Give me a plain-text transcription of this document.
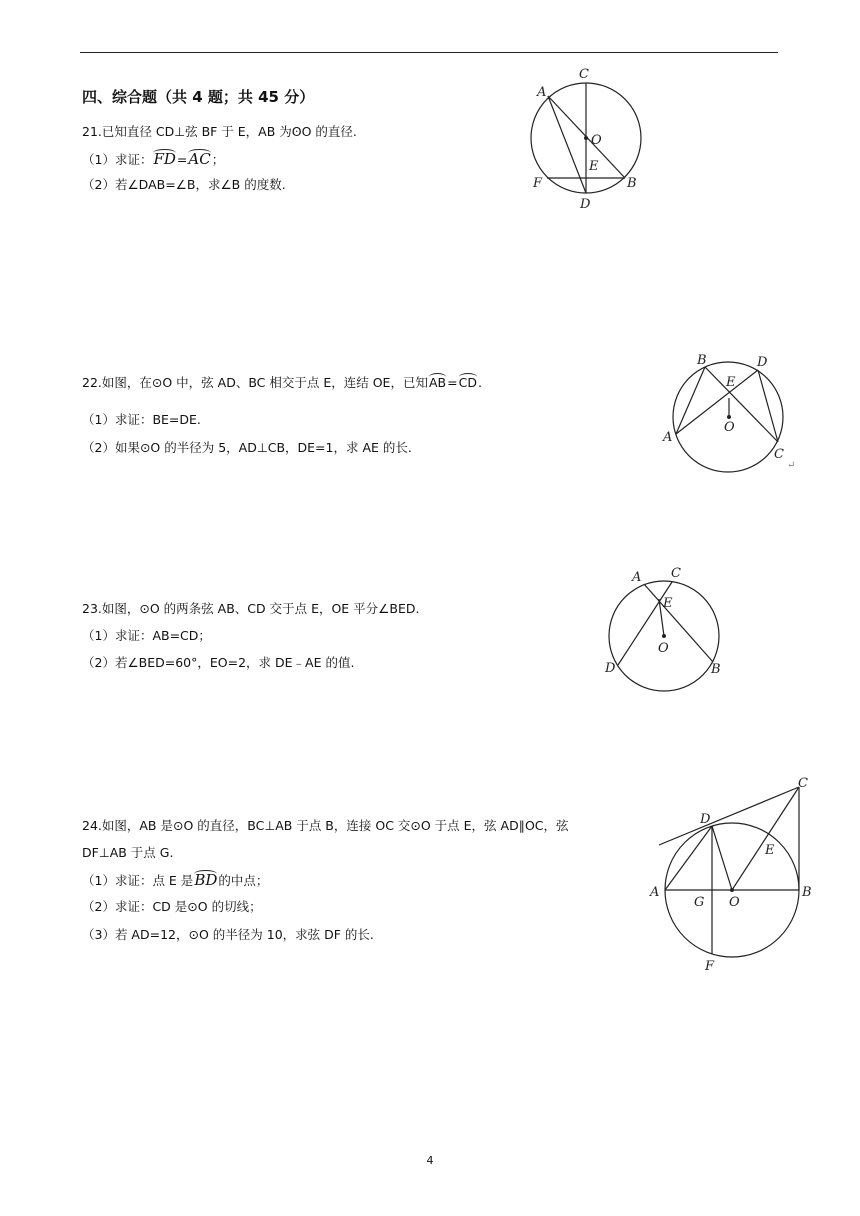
四、综合题（共 4 题；共 45 分）
21.已知直径 CD⊥弦 BF 于 E，AB 为ʘO 的直径.
（1）求证：FD=AC；
（2）若∠DAB=∠B，求∠B 的度数.
A
C
O
E
F	B
D
22.如图，在⊙O 中，弦 AD、BC 相交于点 E，连结 OE，已知AB=CD.
（1）求证：BE=DE.
（2）如果⊙O 的半径为 5，AD⊥CB，DE=1，求 AE 的长.
B	D
E
O
A
C
↵
23.如图，⊙O 的两条弦 AB、CD 交于点 E，OE 平分∠BED.
（1）求证：AB=CD；
（2）若∠BED=60°，EO=2，求 DE﹣AE 的值.
A C
E
O
D	B
24.如图，AB 是⊙O 的直径，BC⊥AB 于点 B，连接 OC 交⊙O 于点 E，弦 AD∥OC，弦
DF⊥AB 于点 G.
（1）求证：点 E 是BD的中点；
（2）求证：CD 是⊙O 的切线；
（3）若 AD=12，⊙O 的半径为 10，求弦 DF 的长.
C
D
E
A	B
G O
F
4
